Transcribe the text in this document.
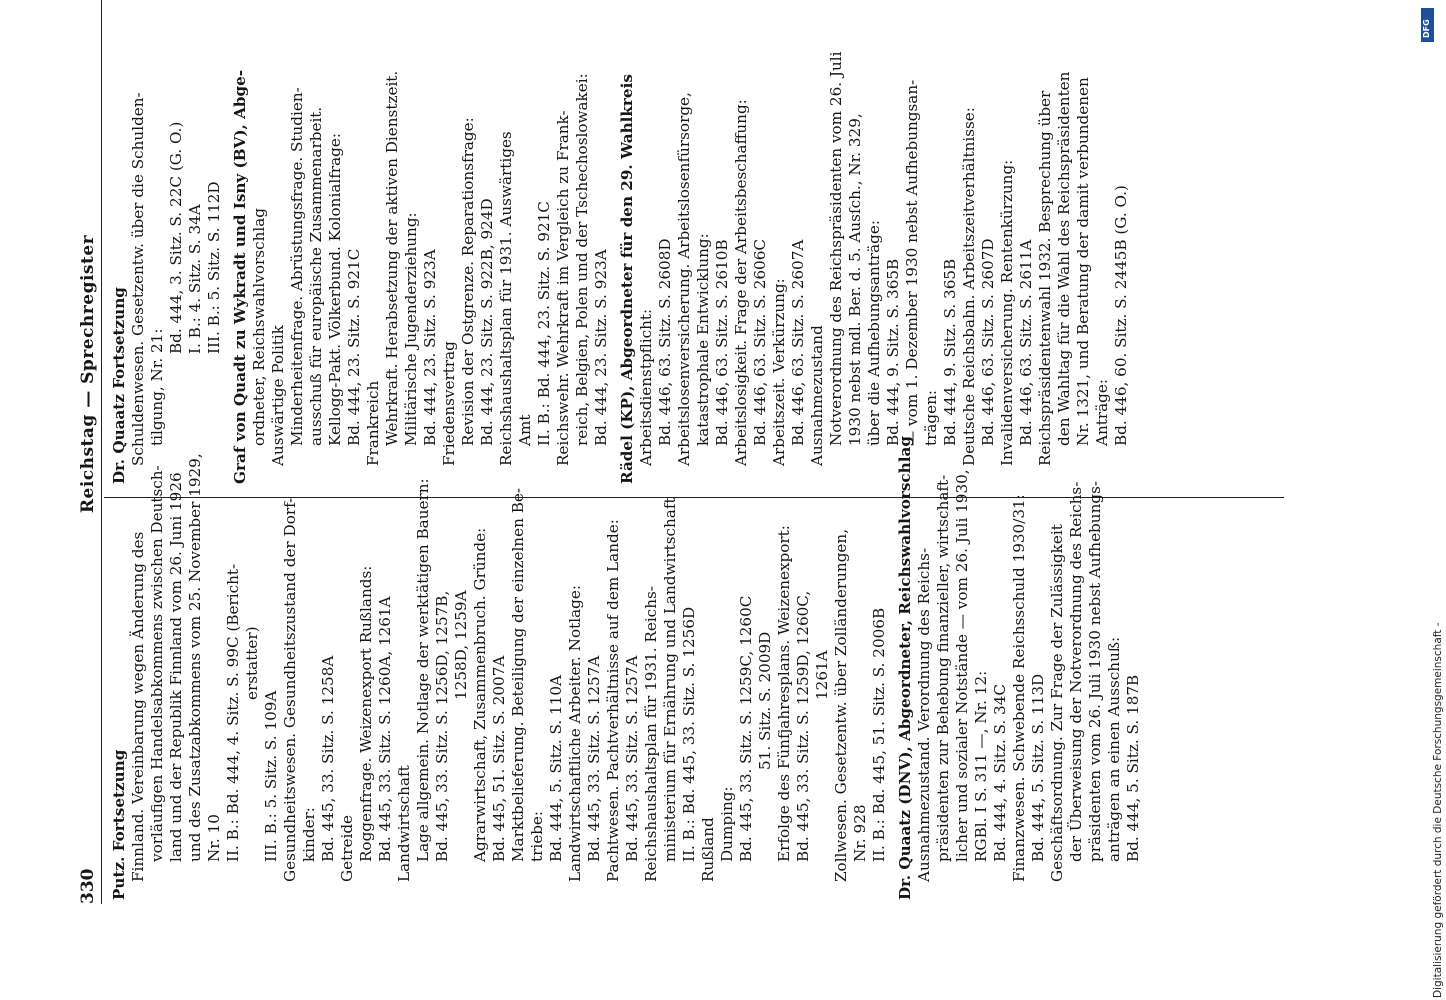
330
Reichstag — Sprechregister
Putz. Fortsetzung Finnland. Vereinbarung wegen Änderung des vorläufigen Handelsabkommens zwischen Deutsch- land und der Republik Finnland vom 26. Juni 1926 und des Zusatzabkommens vom 25. November 1929, Nr. 10 II. B.: Bd. 444, 4. Sitz. S. 99C (Bericht- erstatter)
III. B.: 5. Sitz. S. 109A Gesundheitswesen. Gesundheitszustand der Dorf- kinder: Bd. 445, 33. Sitz. S. 1258A Getreide Roggenfrage. Weizenexport Rußlands: Bd. 445, 33. Sitz. S. 1260A, 1261A Landwirtschaft Lage allgemein. Notlage der werktätigen Bauern: Bd. 445, 33. Sitz. S. 1256D, 1257B, 1258D, 1259A Agrarwirtschaft, Zusammenbruch. Gründe: Bd. 445, 51. Sitz. S. 2007A Marktbelieferung. Beteiligung der einzelnen Be- triebe: Bd. 444, 5. Sitz. S. 110A Landwirtschaftliche Arbeiter. Notlage: Bd. 445, 33. Sitz. S. 1257A Pachtwesen. Pachtverhältnisse auf dem Lande: Bd. 445, 33. Sitz. S. 1257A Reichshaushaltsplan für 1931. Reichs- ministerium für Ernährung und Landwirtschaft II. B.: Bd. 445, 33. Sitz. S. 1256D Rußland Dumping: Bd. 445, 33. Sitz. S. 1259C, 1260C 51. Sitz. S. 2009D Erfolge des Fünfjahresplans. Weizenexport: Bd. 445, 33. Sitz. S. 1259D, 1260C, 1261A Zollwesen. Gesetzentw. über Zolländerungen, Nr. 928 II. B.: Bd. 445, 51. Sitz. S. 2006B Dr. Quaatz (DNV), Abgeordneter, Reichswahlvorschlag Ausnahmezustand. Verordnung des Reichs- präsidenten zur Behebung finanzieller, wirtschaft- licher und sozialer Notstände — vom 26. Juli 1930, RGBl. I S. 311 —, Nr. 12: Bd. 444, 4. Sitz. S. 34C Finanzwesen. Schwebende Reichsschuld 1930/31: Bd. 444, 5. Sitz. S. 113D Geschäftsordnung. Zur Frage der Zulässigkeit der Überweisung der Notverordnung des Reichs- präsidenten vom 26. Juli 1930 nebst Aufhebungs- anträgen an einen Ausschuß: Bd. 444, 5. Sitz. S. 187B
Dr. Quaatz Fortsetzung Schuldenwesen. Gesetzentw. über die Schulden- tilgung, Nr. 21:
Bd. 444, 3. Sitz. S. 22C (G. O.) I. B.: 4. Sitz. S. 34A III. B.: 5. Sitz. S. 112D Graf von Quadt zu Wykradt und Isny (BV), Abge- ordneter, Reichswahlvorschlag Auswärtige Politik Minderheitenfrage. Abrüstungsfrage. Studien- ausschuß für europäische Zusammenarbeit. Kellogg-Pakt. Völkerbund. Kolonialfrage: Bd. 444, 23. Sitz. S. 921C Frankreich Wehrkraft. Herabsetzung der aktiven Dienstzeit. Militärische Jugenderziehung: Bd. 444, 23. Sitz. S. 923A Friedensvertrag Revision der Ostgrenze. Reparationsfrage: Bd. 444, 23. Sitz. S. 922B, 924D Reichshaushaltsplan für 1931. Auswärtiges Amt II. B.: Bd. 444, 23. Sitz. S. 921C Reichswehr. Wehrkraft im Vergleich zu Frank- reich, Belgien, Polen und der Tschechoslowakei: Bd. 444, 23. Sitz. S. 923A Rädel (KP), Abgeordneter für den 29. Wahlkreis Arbeitsdienstpflicht: Bd. 446, 63. Sitz. S. 2608D Arbeitslosenversicherung. Arbeitslosenfürsorge, katastrophale Entwicklung: Bd. 446, 63. Sitz. S. 2610B Arbeitslosigkeit. Frage der Arbeitsbeschaffung: Bd. 446, 63. Sitz. S. 2606C Arbeitszeit. Verkürzung: Bd. 446, 63. Sitz. S. 2607A Ausnahmezustand Notverordnung des Reichspräsidenten vom 26. Juli 1930 nebst mdl. Ber. d. 5. Ausſch., Nr. 329, über die Aufhebungsanträge: Bd. 444, 9. Sitz. S. 365B — vom 1. Dezember 1930 nebst Aufhebungsan- trägen: Bd. 444, 9. Sitz. S. 365B Deutsche Reichsbahn. Arbeitszeitverhältnisse: Bd. 446, 63. Sitz. S. 2607D Invalidenversicherung. Rentenkürzung: Bd. 446, 63. Sitz. S. 2611A Reichspräsidentenwahl 1932. Besprechung über den Wahltag für die Wahl des Reichspräsidenten Nr. 1321, und Beratung der damit verbundenen Anträge: Bd. 446, 60. Sitz. S. 2445B (G. O.)
Digitalisierung gefördert durch die Deutsche Forschungsgemeinschaft -
DFG
